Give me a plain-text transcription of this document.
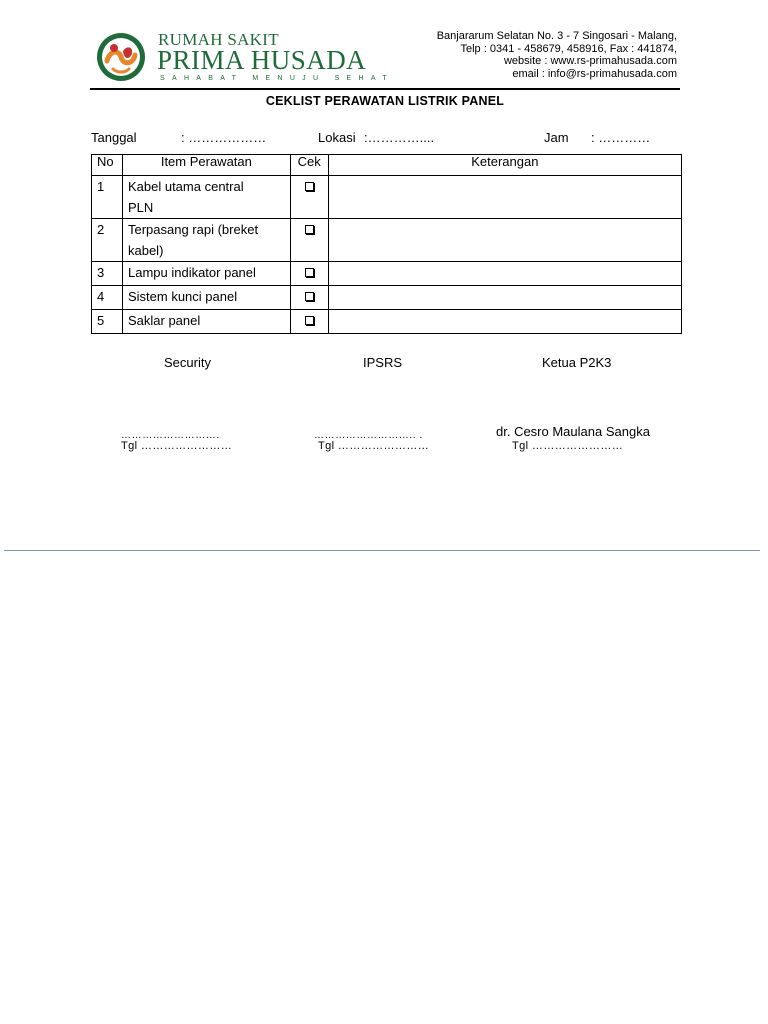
RUMAH SAKIT
PRIMA HUSADA
SAHABAT MENUJU SEHAT
Banjararum Selatan No. 3 - 7 Singosari - Malang,
Telp : 0341 - 458679, 458916, Fax : 441874,
website : www.rs-primahusada.com
email : info@rs-primahusada.com
CEKLIST PERAWATAN LISTRIK PANEL
Tanggal	: ………………	Lokasi :…………....	Jam : …………
No	Item Perawatan	Cek	Keterangan
1	Kabel utama central
PLN		

2	Terpasang rapi (breket
kabel)		

3	Lampu indikator panel		
4	Sistem kunci panel		
5	Saklar panel		
Security	IPSRS	Ketua P2K3
……………………….	……………………….. .	dr. Cesro Maulana Sangka
Tgl ……………………	Tgl ……………………	Tgl ……………………
